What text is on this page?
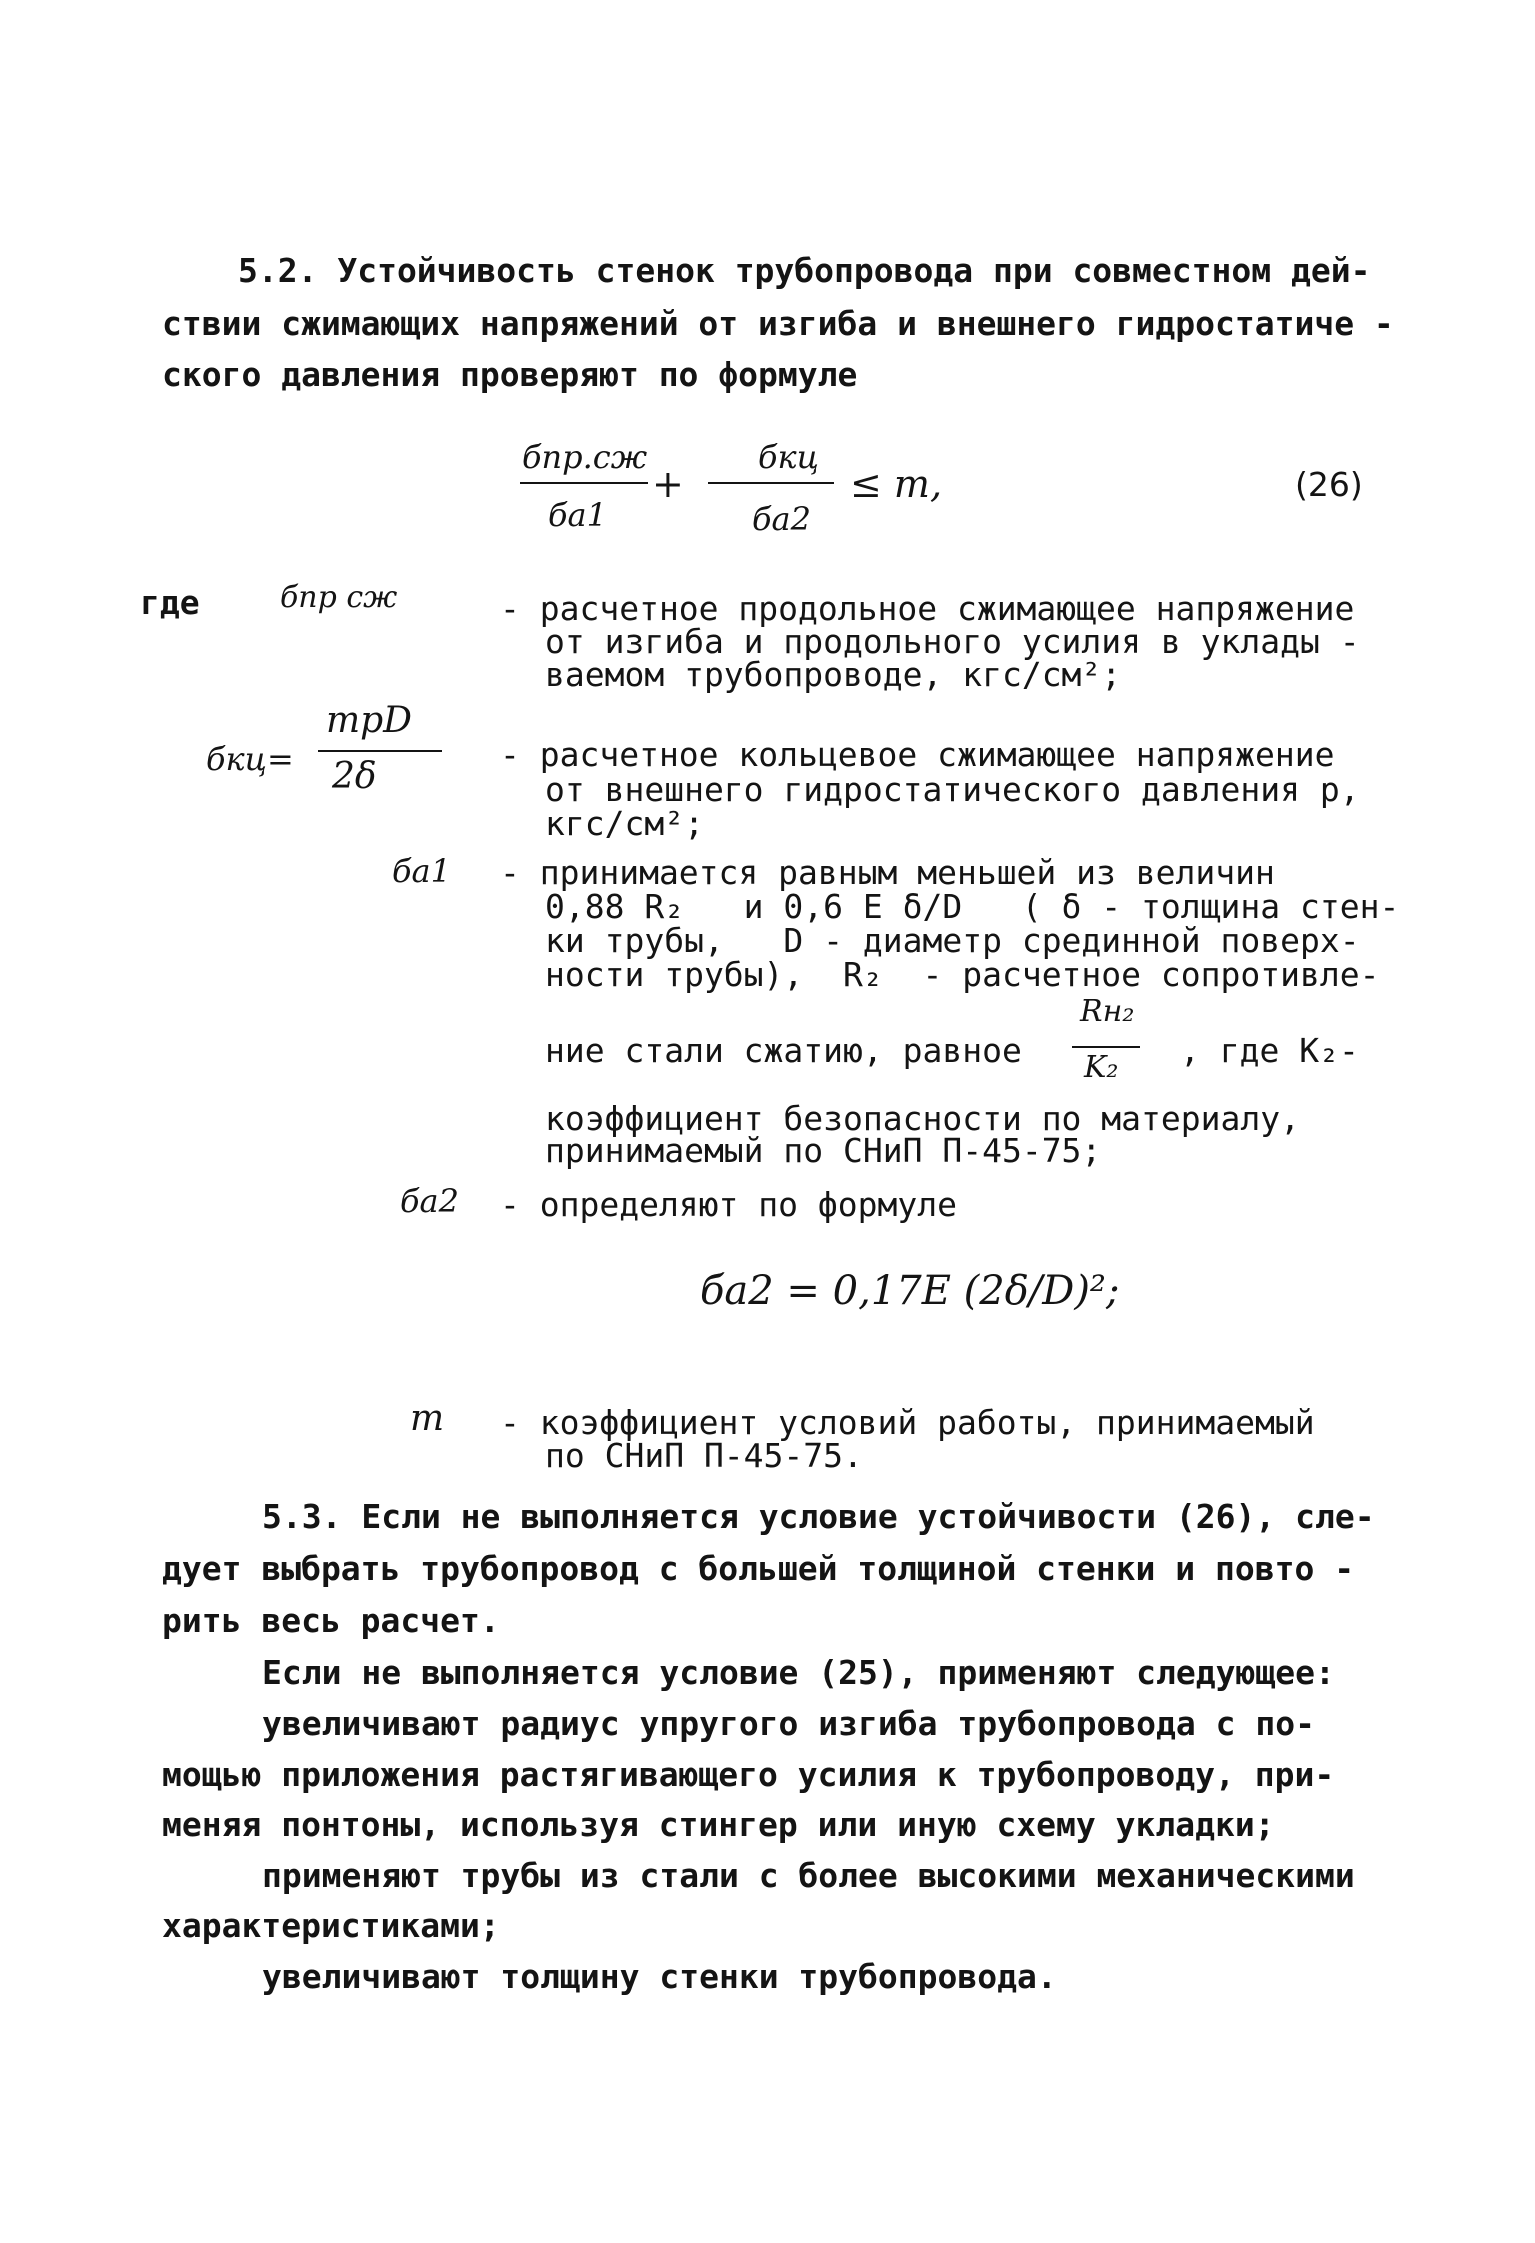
5.2. Устойчивость стенок трубопровода при совместном дей-
ствии сжимающих напряжений от изгиба и внешнего гидростатиче -
ского давления проверяют по формуле
бпр.сж
бa1
+
бкц
бa2
≤ m,	(26)
где	бпр сж	- расчетное продольное сжимающее напряжение
от изгиба и продольного усилия в уклады -
ваемом трубопроводе, кгс/см²;
бкц=
mpD
2δ
- расчетное кольцевое сжимающее напряжение
от внешнего гидростатического давления p,
кгс/см²;
бa1 - принимается равным меньшей из величин
0,88 R₂   и 0,6 E δ/D   ( δ - толщина стен-
ки трубы,   D - диаметр срединной поверх-
ности трубы),  R₂  - расчетное сопротивле-
ние стали сжатию, равное
Rн₂
K₂ , где K₂-
коэффициент безопасности по материалу,
принимаемый по СНиП П-45-75;
бa2 - определяют по формуле
бa2 = 0,17E (2δ/D)²;
m - коэффициент условий работы, принимаемый
по СНиП П-45-75.
5.3. Если не выполняется условие устойчивости (26), сле-
дует выбрать трубопровод с большей толщиной стенки и повто -
рить весь расчет.
Если не выполняется условие (25), применяют следующее:
увеличивают радиус упругого изгиба трубопровода с по-
мощью приложения растягивающего усилия к трубопроводу, при-
меняя понтоны, используя стингер или иную схему укладки;
применяют трубы из стали с более высокими механическими
характеристиками;
увеличивают толщину стенки трубопровода.
